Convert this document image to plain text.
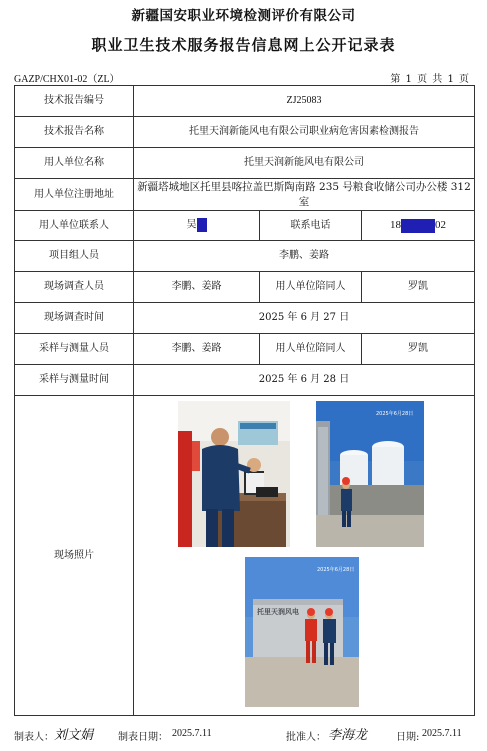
新疆国安职业环境检测评价有限公司
职业卫生技术服务报告信息网上公开记录表
GAZP/CHX01-02（ZL）	第 1 页 共 1 页
技术报告编号	ZJ25083		
技术报告名称	托里天润新能风电有限公司职业病危害因素检测报告		
用人单位名称	托里天润新能风电有限公司		
用人单位注册地址	新疆塔城地区托里县喀拉盖巴斯陶南路 235 号粮食收储公司办公楼 312 室		
用人单位联系人	吴	联系电话	18 02
项目组人员	李鹏、姜路		
现场调查人员	李鹏、姜路	用人单位陪同人	罗凯
现场调查时间	2025 年 6 月 27 日		
采样与测量人员	李鹏、姜路	用人单位陪同人	罗凯
采样与测量时间	2025 年 6 月 28 日		
现场照片	2025年6月28日
2025年6月28日
托里天润风电		
制表人： 刘文娟 制表日期： 2025.7.11	批准人： 李海龙	日期: 2025.7.11
